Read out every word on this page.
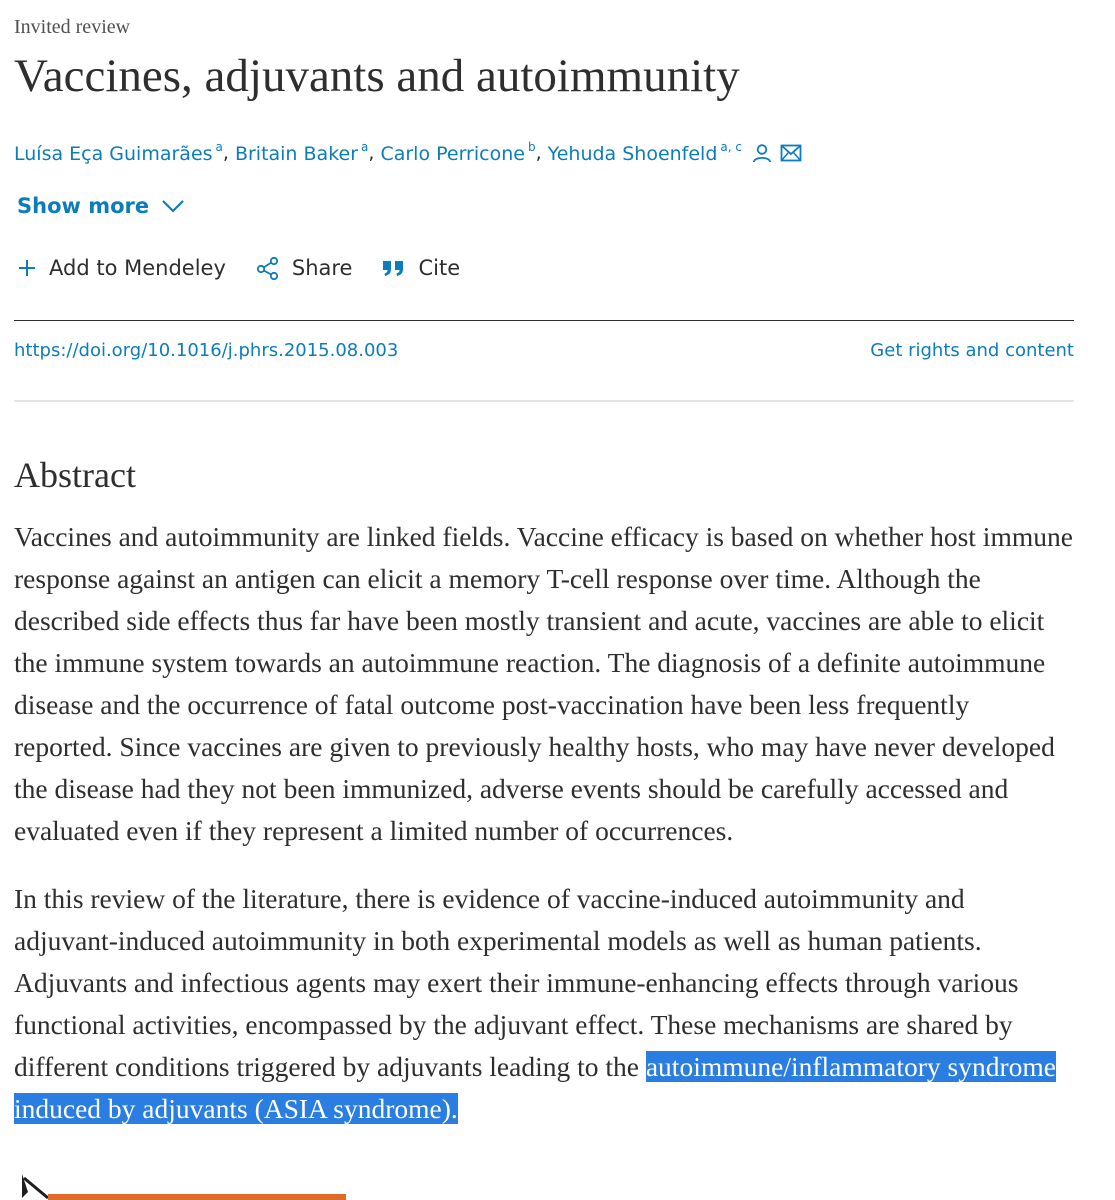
Invited review
Vaccines, adjuvants and autoimmunity
Luísa Eça Guimarães $^a$ , Britain Baker $^a$ , Carlo Perricone $^b$ , Yehuda Shoenfeld $^{a, c}$
Show more
Add to Mendeley	Share	Cite
https://doi.org/10.1016/j.phrs.2015.08.003	Get rights and content
Abstract

Vaccines and autoimmunity are linked fields. Vaccine efficacy is based on whether host immune response against an antigen can elicit a memory T-cell response over time. Although the described side effects thus far have been mostly transient and acute, vaccines are able to elicit the immune system towards an autoimmune reaction. The diagnosis of a definite autoimmune disease and the occurrence of fatal outcome post-vaccination have been less frequently reported. Since vaccines are given to previously healthy hosts, who may have never developed the disease had they not been immunized, adverse events should be carefully accessed and evaluated even if they represent a limited number of occurrences.

In this review of the literature, there is evidence of vaccine-induced autoimmunity and adjuvant-induced autoimmunity in both experimental models as well as human patients. Adjuvants and infectious agents may exert their immune-enhancing effects through various functional activities, encompassed by the adjuvant effect. These mechanisms are shared by different conditions triggered by adjuvants leading to the autoimmune/inflammatory syndrome induced by adjuvants (ASIA syndrome).
